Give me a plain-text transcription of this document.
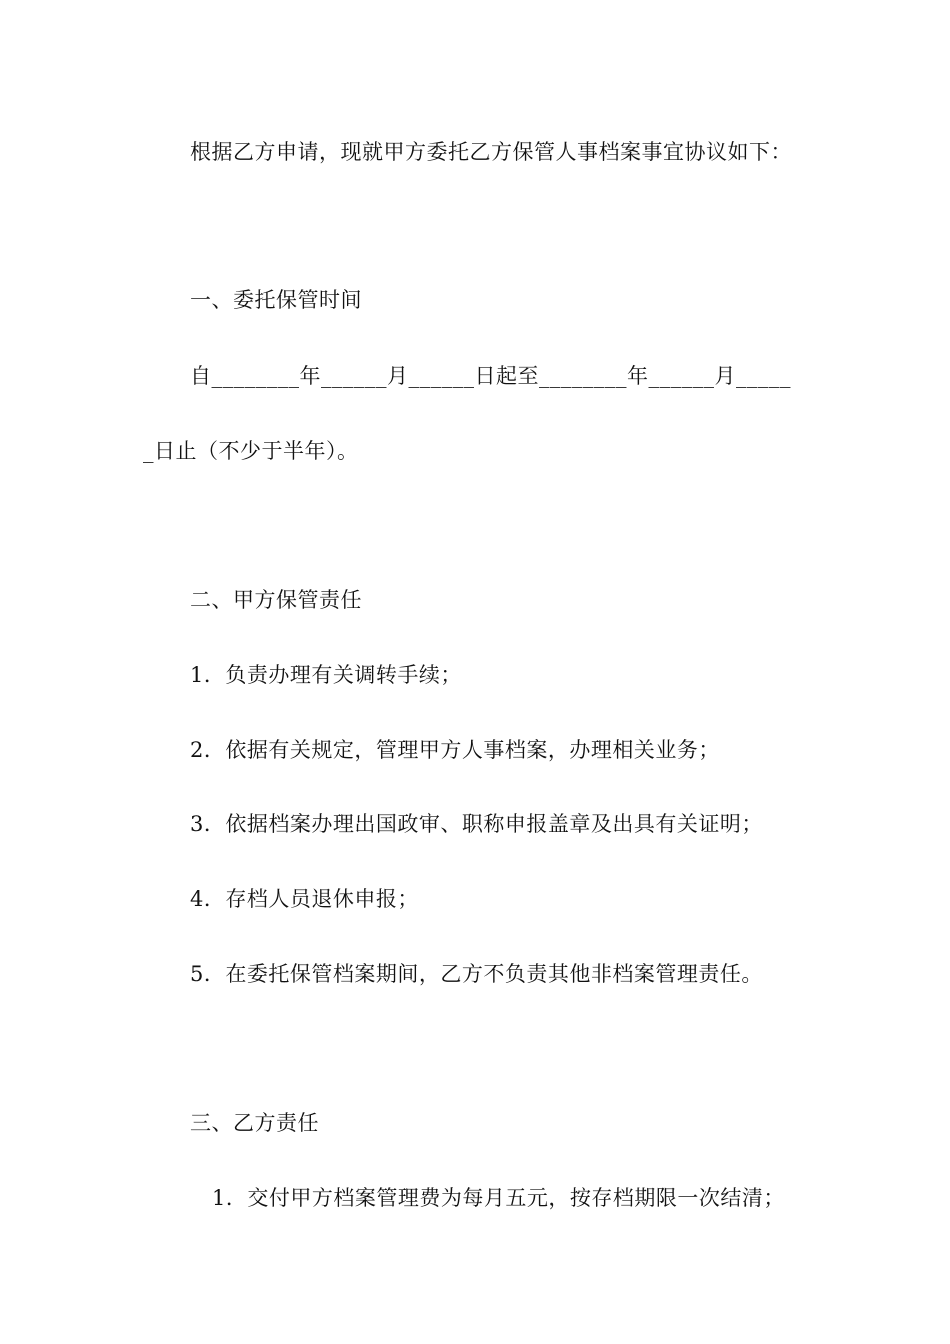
根据乙方申请，现就甲方委托乙方保管人事档案事宜协议如下：
一、委托保管时间
自________年______月______日起至________年______月_____
_日止（不少于半年）。
二、甲方保管责任
1．负责办理有关调转手续；
2．依据有关规定，管理甲方人事档案，办理相关业务；
3．依据档案办理出国政审、职称申报盖章及出具有关证明；
4．存档人员退休申报；
5．在委托保管档案期间，乙方不负责其他非档案管理责任。
三、乙方责任
1．交付甲方档案管理费为每月五元，按存档期限一次结清；
